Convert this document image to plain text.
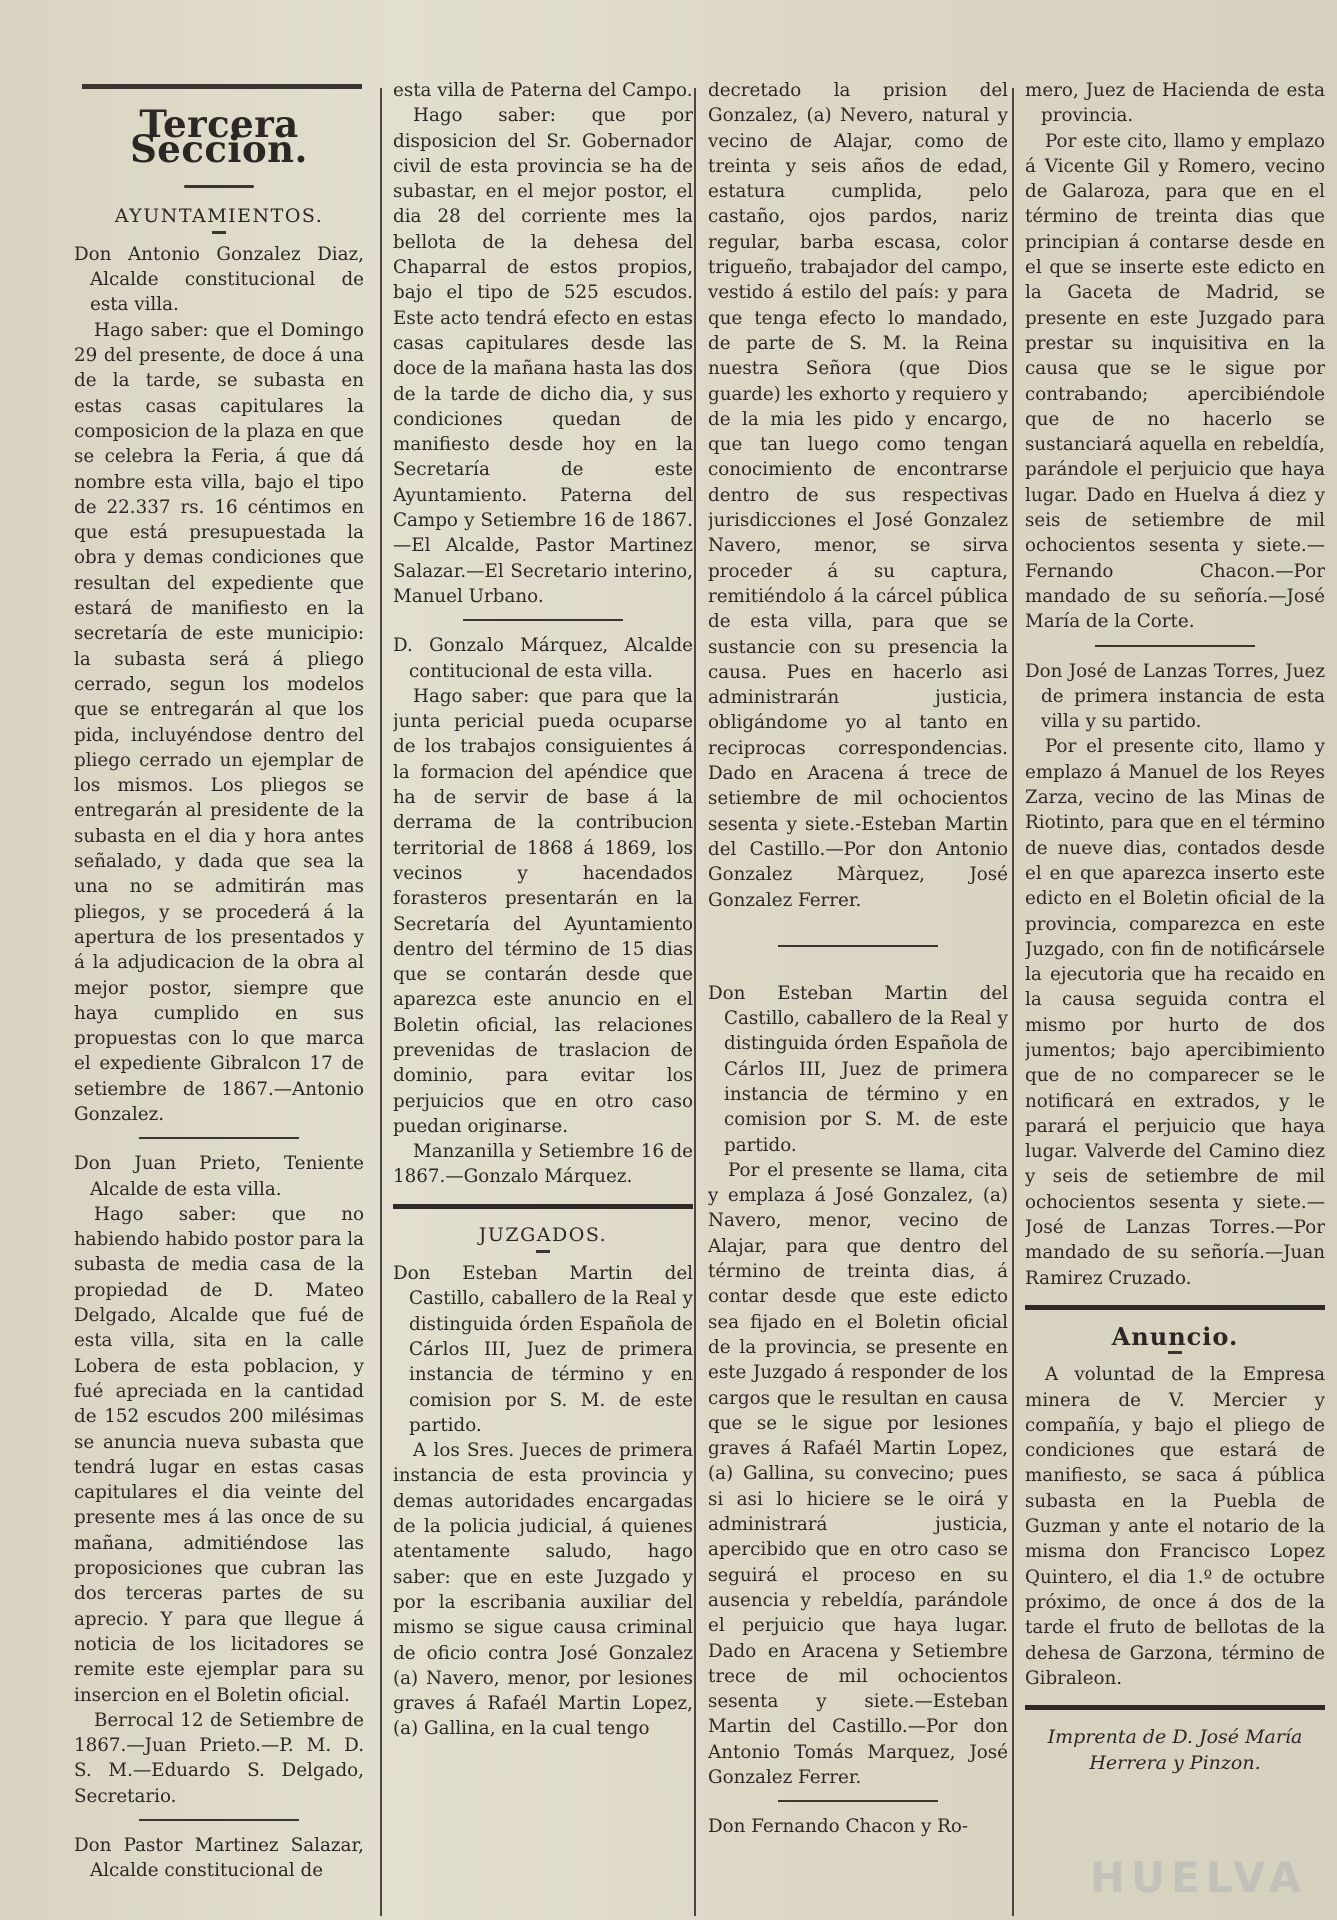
Tercera Seccion.
AYUNTAMIENTOS.

Don Antonio Gonzalez Diaz, Alcalde constitucional de esta villa.

Hago saber: que el Domingo 29 del presente, de doce á una de la tarde, se subasta en estas casas capitulares la composicion de la plaza en que se celebra la Feria, á que dá nombre esta villa, bajo el tipo de 22.337 rs. 16 céntimos en que está presupuestada la obra y demas condiciones que resultan del expediente que estará de manifiesto en la secretaría de este municipio: la subasta será á pliego cerrado, segun los modelos que se entregarán al que los pida, incluyéndose dentro del pliego cerrado un ejemplar de los mismos. Los pliegos se entregarán al presidente de la subasta en el dia y hora antes señalado, y dada que sea la una no se admitirán mas pliegos, y se procederá á la apertura de los presentados y á la adjudicacion de la obra al mejor postor, siempre que haya cumplido en sus propuestas con lo que marca el expediente Gibralcon 17 de setiembre de 1867.—Antonio Gonzalez.

Don Juan Prieto, Teniente Alcalde de esta villa.

Hago saber: que no habiendo habido postor para la subasta de media casa de la propiedad de D. Mateo Delgado, Alcalde que fué de esta villa, sita en la calle Lobera de esta poblacion, y fué apreciada en la cantidad de 152 escudos 200 milésimas se anuncia nueva subasta que tendrá lugar en estas casas capitulares el dia veinte del presente mes á las once de su mañana, admitiéndose las proposiciones que cubran las dos terceras partes de su aprecio. Y para que llegue á noticia de los licitadores se remite este ejemplar para su insercion en el Boletin oficial.

Berrocal 12 de Setiembre de 1867.—Juan Prieto.—P. M. D. S. M.—Eduardo S. Delgado, Secretario.

Don Pastor Martinez Salazar, Alcalde constitucional de

esta villa de Paterna del Campo.

Hago saber: que por disposicion del Sr. Gobernador civil de esta provincia se ha de subastar, en el mejor postor, el dia 28 del corriente mes la bellota de la dehesa del Chaparral de estos propios, bajo el tipo de 525 escudos. Este acto tendrá efecto en estas casas capitulares desde las doce de la mañana hasta las dos de la tarde de dicho dia, y sus condiciones quedan de manifiesto desde hoy en la Secretaría de este Ayuntamiento. Paterna del Campo y Setiembre 16 de 1867.—El Alcalde, Pastor Martinez Salazar.—El Secretario interino, Manuel Urbano.

D. Gonzalo Márquez, Alcalde contitucional de esta villa.

Hago saber: que para que la junta pericial pueda ocuparse de los trabajos consiguientes á la formacion del apéndice que ha de servir de base á la derrama de la contribucion territorial de 1868 á 1869, los vecinos y hacendados forasteros presentarán en la Secretaría del Ayuntamiento dentro del término de 15 dias que se contarán desde que aparezca este anuncio en el Boletin oficial, las relaciones prevenidas de traslacion de dominio, para evitar los perjuicios que en otro caso puedan originarse.

Manzanilla y Setiembre 16 de 1867.—Gonzalo Márquez.

JUZGADOS.

Don Esteban Martin del Castillo, caballero de la Real y distinguida órden Española de Cárlos III, Juez de primera instancia de término y en comision por S. M. de este partido.

A los Sres. Jueces de primera instancia de esta provincia y demas autoridades encargadas de la policia judicial, á quienes atentamente saludo, hago saber: que en este Juzgado y por la escribania auxiliar del mismo se sigue causa criminal de oficio contra José Gonzalez (a) Navero, menor, por lesiones graves á Rafaél Martin Lopez, (a) Gallina, en la cual tengo

decretado la prision del Gonzalez, (a) Nevero, natural y vecino de Alajar, como de treinta y seis años de edad, estatura cumplida, pelo castaño, ojos pardos, nariz regular, barba escasa, color trigueño, trabajador del campo, vestido á estilo del país: y para que tenga efecto lo mandado, de parte de S. M. la Reina nuestra Señora (que Dios guarde) les exhorto y requiero y de la mia les pido y encargo, que tan luego como tengan conocimiento de encontrarse dentro de sus respectivas jurisdicciones el José Gonzalez Navero, menor, se sirva proceder á su captura, remitiéndolo á la cárcel pública de esta villa, para que se sustancie con su presencia la causa. Pues en hacerlo asi administrarán justicia, obligándome yo al tanto en reciprocas correspondencias. Dado en Aracena á trece de setiembre de mil ochocientos sesenta y siete.-Esteban Martin del Castillo.—Por don Antonio Gonzalez Màrquez, José Gonzalez Ferrer.

Don Esteban Martin del Castillo, caballero de la Real y distinguida órden Española de Cárlos III, Juez de primera instancia de término y en comision por S. M. de este partido.

Por el presente se llama, cita y emplaza á José Gonzalez, (a) Navero, menor, vecino de Alajar, para que dentro del término de treinta dias, á contar desde que este edicto sea fijado en el Boletin oficial de la provincia, se presente en este Juzgado á responder de los cargos que le resultan en causa que se le sigue por lesiones graves á Rafaél Martin Lopez, (a) Gallina, su convecino; pues si asi lo hiciere se le oirá y administrará justicia, apercibido que en otro caso se seguirá el proceso en su ausencia y rebeldía, parándole el perjuicio que haya lugar. Dado en Aracena y Setiembre trece de mil ochocientos sesenta y siete.—Esteban Martin del Castillo.—Por don Antonio Tomás Marquez, José Gonzalez Ferrer.

Don Fernando Chacon y Ro-

mero, Juez de Hacienda de esta provincia.

Por este cito, llamo y emplazo á Vicente Gil y Romero, vecino de Galaroza, para que en el término de treinta dias que principian á contarse desde en el que se inserte este edicto en la Gaceta de Madrid, se presente en este Juzgado para prestar su inquisitiva en la causa que se le sigue por contrabando; apercibiéndole que de no hacerlo se sustanciará aquella en rebeldía, parándole el perjuicio que haya lugar. Dado en Huelva á diez y seis de setiembre de mil ochocientos sesenta y siete.—Fernando Chacon.—Por mandado de su señoría.—José María de la Corte.

Don José de Lanzas Torres, Juez de primera instancia de esta villa y su partido.

Por el presente cito, llamo y emplazo á Manuel de los Reyes Zarza, vecino de las Minas de Riotinto, para que en el término de nueve dias, contados desde el en que aparezca inserto este edicto en el Boletin oficial de la provincia, comparezca en este Juzgado, con fin de notificársele la ejecutoria que ha recaido en la causa seguida contra el mismo por hurto de dos jumentos; bajo apercibimiento que de no comparecer se le notificará en extrados, y le parará el perjuicio que haya lugar. Valverde del Camino diez y seis de setiembre de mil ochocientos sesenta y siete.—José de Lanzas Torres.—Por mandado de su señoría.—Juan Ramirez Cruzado.

Anuncio.

A voluntad de la Empresa minera de V. Mercier y compañía, y bajo el pliego de condiciones que estará de manifiesto, se saca á pública subasta en la Puebla de Guzman y ante el notario de la misma don Francisco Lopez Quintero, el dia 1.º de octubre próximo, de once á dos de la tarde el fruto de bellotas de la dehesa de Garzona, término de Gibraleon.

Imprenta de D. José María Herrera y Pinzon.

HUELVA
